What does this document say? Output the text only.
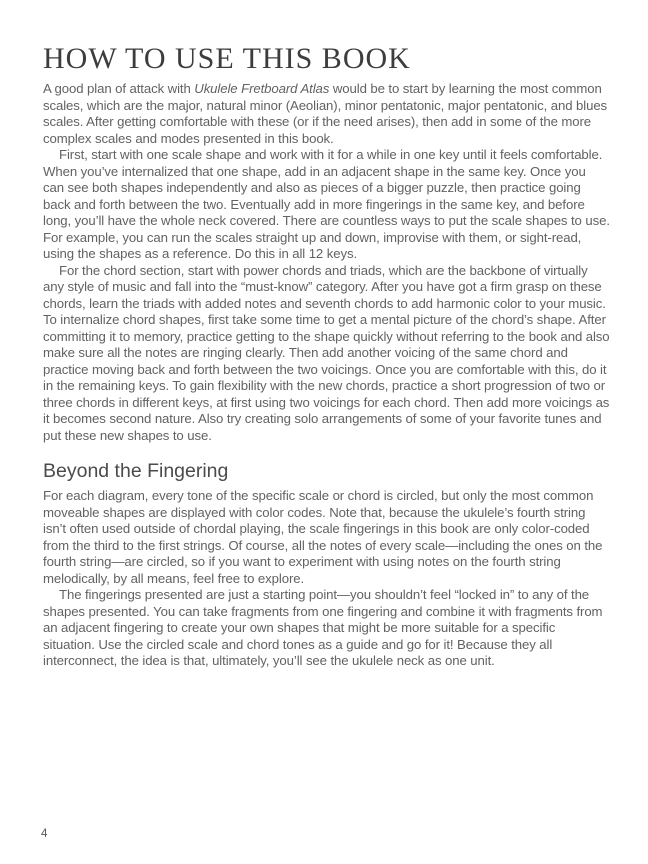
HOW TO USE THIS BOOK

A good plan of attack with Ukulele Fretboard Atlas would be to start by learning the most common scales, which are the major, natural minor (Aeolian), minor pentatonic, major pentatonic, and blues scales. After getting comfortable with these (or if the need arises), then add in some of the more complex scales and modes presented in this book.

First, start with one scale shape and work with it for a while in one key until it feels comfortable. When you’ve internalized that one shape, add in an adjacent shape in the same key. Once you can see both shapes independently and also as pieces of a bigger puzzle, then practice going back and forth between the two. Eventually add in more fingerings in the same key, and before long, you’ll have the whole neck covered. There are countless ways to put the scale shapes to use. For example, you can run the scales straight up and down, improvise with them, or sight-read, using the shapes as a reference. Do this in all 12 keys.

For the chord section, start with power chords and triads, which are the backbone of virtually any style of music and fall into the “must-know” category. After you have got a firm grasp on these chords, learn the triads with added notes and seventh chords to add harmonic color to your music. To internalize chord shapes, first take some time to get a mental picture of the chord’s shape. After committing it to memory, practice getting to the shape quickly without referring to the book and also make sure all the notes are ringing clearly. Then add another voicing of the same chord and practice moving back and forth between the two voicings. Once you are comfortable with this, do it in the remaining keys. To gain flexibility with the new chords, practice a short progression of two or three chords in different keys, at first using two voicings for each chord. Then add more voicings as it becomes second nature. Also try creating solo arrangements of some of your favorite tunes and put these new shapes to use.

Beyond the Fingering

For each diagram, every tone of the specific scale or chord is circled, but only the most common moveable shapes are displayed with color codes. Note that, because the ukulele’s fourth string isn’t often used outside of chordal playing, the scale fingerings in this book are only color-coded from the third to the first strings. Of course, all the notes of every scale—including the ones on the fourth string—are circled, so if you want to experiment with using notes on the fourth string melodically, by all means, feel free to explore.

The fingerings presented are just a starting point—you shouldn’t feel “locked in” to any of the shapes presented. You can take fragments from one fingering and combine it with fragments from an adjacent fingering to create your own shapes that might be more suitable for a specific situation. Use the circled scale and chord tones as a guide and go for it! Because they all interconnect, the idea is that, ultimately, you’ll see the ukulele neck as one unit.

4
